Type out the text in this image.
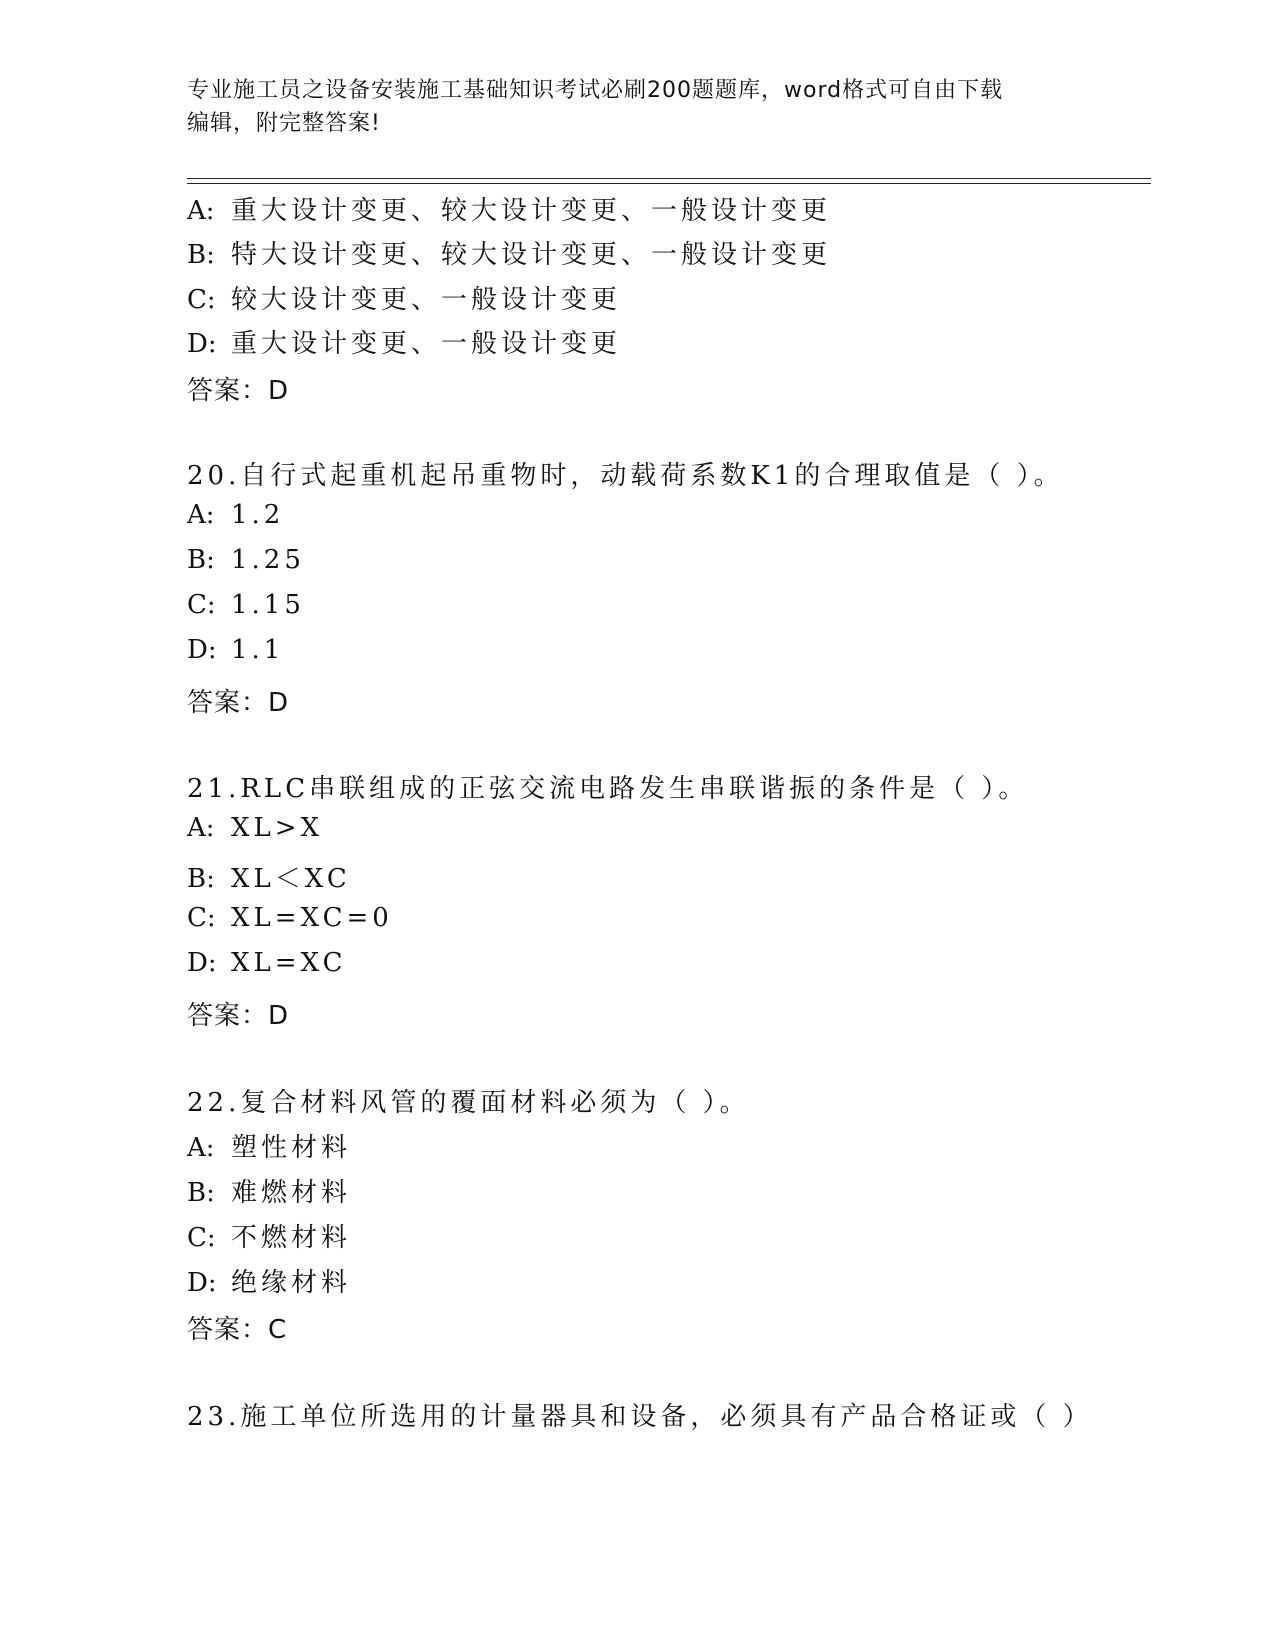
专业施工员之设备安装施工基础知识考试必刷200题题库，word格式可自由下载
编辑，附完整答案!
A: 重大设计变更、较大设计变更、一般设计变更
B: 特大设计变更、较大设计变更、一般设计变更
C: 较大设计变更、一般设计变更
D: 重大设计变更、一般设计变更
答案：D
20.自行式起重机起吊重物时，动载荷系数K1的合理取值是（ ）。
A: 1.2
B: 1.25
C: 1.15
D: 1.1
答案：D
21.RLC串联组成的正弦交流电路发生串联谐振的条件是（ ）。
A: XL>X
B: XL＜XC
C: XL=XC=0
D: XL=XC
答案：D
22.复合材料风管的覆面材料必须为（ ）。
A: 塑性材料
B: 难燃材料
C: 不燃材料
D: 绝缘材料
答案：C
23.施工单位所选用的计量器具和设备，必须具有产品合格证或（ ）
